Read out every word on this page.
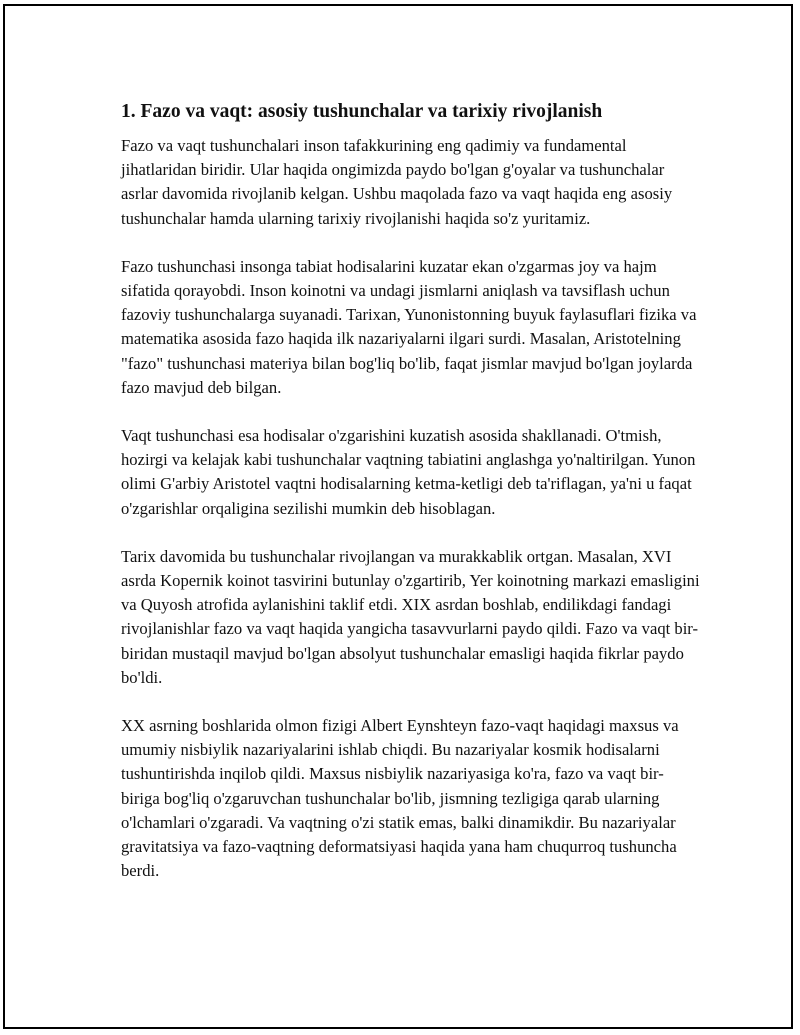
1. Fazo va vaqt: asosiy tushunchalar va tarixiy rivojlanish

Fazo va vaqt tushunchalari inson tafakkurining eng qadimiy va fundamental jihatlaridan biridir. Ular haqida ongimizda paydo bo'lgan g'oyalar va tushunchalar asrlar davomida rivojlanib kelgan. Ushbu maqolada fazo va vaqt haqida eng asosiy tushunchalar hamda ularning tarixiy rivojlanishi haqida so'z yuritamiz.

Fazo tushunchasi insonga tabiat hodisalarini kuzatar ekan o'zgarmas joy va hajm sifatida qorayobdi. Inson koinotni va undagi jismlarni aniqlash va tavsiflash uchun fazoviy tushunchalarga suyanadi. Tarixan, Yunonistonning buyuk faylasuflari fizika va matematika asosida fazo haqida ilk nazariyalarni ilgari surdi. Masalan, Aristotelning "fazo" tushunchasi materiya bilan bog'liq bo'lib, faqat jismlar mavjud bo'lgan joylarda fazo mavjud deb bilgan.

Vaqt tushunchasi esa hodisalar o'zgarishini kuzatish asosida shakllanadi. O'tmish, hozirgi va kelajak kabi tushunchalar vaqtning tabiatini anglashga yo'naltirilgan. Yunon olimi G'arbiy Aristotel vaqtni hodisalarning ketma-ketligi deb ta'riflagan, ya'ni u faqat o'zgarishlar orqaligina sezilishi mumkin deb hisoblagan.

Tarix davomida bu tushunchalar rivojlangan va murakkablik ortgan. Masalan, XVI asrda Kopernik koinot tasvirini butunlay o'zgartirib, Yer koinotning markazi emasligini va Quyosh atrofida aylanishini taklif etdi. XIX asrdan boshlab, endilikdagi fandagi rivojlanishlar fazo va vaqt haqida yangicha tasavvurlarni paydo qildi. Fazo va vaqt bir-biridan mustaqil mavjud bo'lgan absolyut tushunchalar emasligi haqida fikrlar paydo bo'ldi.

XX asrning boshlarida olmon fizigi Albert Eynshteyn fazo-vaqt haqidagi maxsus va umumiy nisbiylik nazariyalarini ishlab chiqdi. Bu nazariyalar kosmik hodisalarni tushuntirishda inqilob qildi. Maxsus nisbiylik nazariyasiga ko'ra, fazo va vaqt bir-biriga bog'liq o'zgaruvchan tushunchalar bo'lib, jismning tezligiga qarab ularning o'lchamlari o'zgaradi. Va vaqtning o'zi statik emas, balki dinamikdir. Bu nazariyalar gravitatsiya va fazo-vaqtning deformatsiyasi haqida yana ham chuqurroq tushuncha berdi.
